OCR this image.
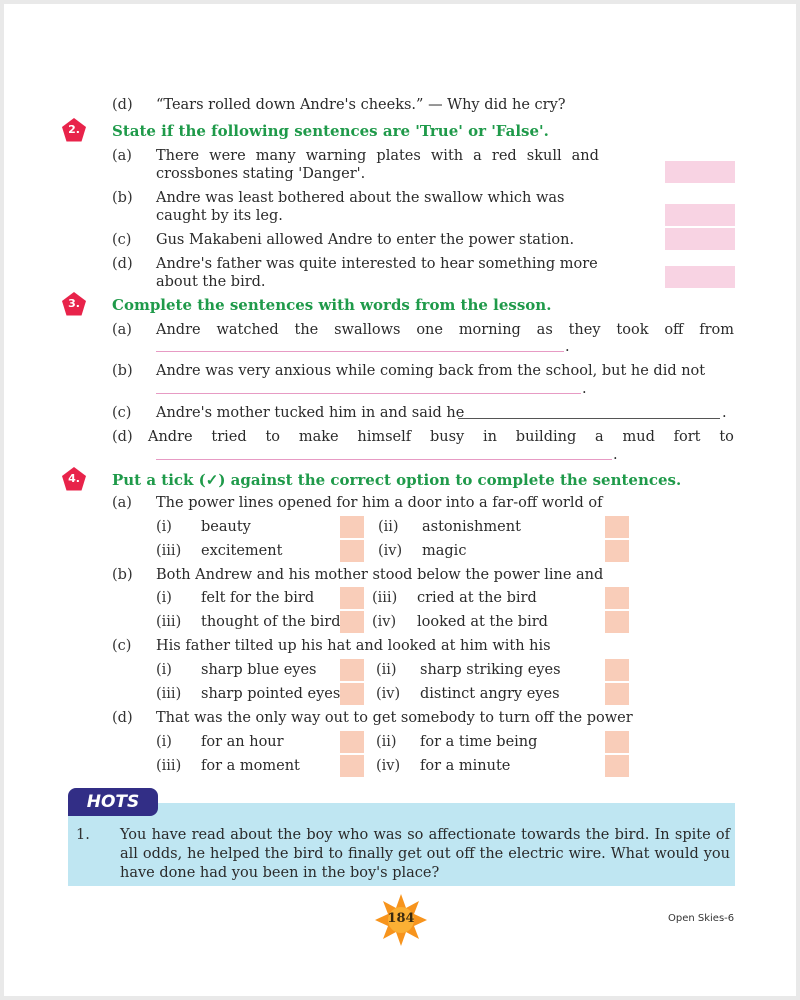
(d) “Tears rolled down Andre's cheeks.” — Why did he cry?
2.	State if the following sentences are 'True' or 'False'.
(a) There were many warning plates with a red skull and
crossbones stating 'Danger'.
(b) Andre was least bothered about the swallow which was
caught by its leg.
(c) Gus Makabeni allowed Andre to enter the power station.
(d) Andre's father was quite interested to hear something more
about the bird.
3.	Complete the sentences with words from the lesson.
(a) Andre watched the swallows one morning as they took off from
.
(b) Andre was very anxious while coming back from the school, but he did not
.
(c) Andre's mother tucked him in and said he	.
(d) Andre tried to make himself busy in building a mud fort to
.
4.	Put a tick (✓) against the correct option to complete the sentences.
(a) The power lines opened for him a door into a far-off world of
(i) beauty	(ii) astonishment
(iii) excitement	(iv) magic
(b) Both Andrew and his mother stood below the power line and
(i) felt for the bird	(iii) cried at the bird
(iii) thought of the bird (iv) looked at the bird
(c) His father tilted up his hat and looked at him with his
(i) sharp blue eyes	(ii) sharp striking eyes
(iii) sharp pointed eyes (iv) distinct angry eyes
(d) That was the only way out to get somebody to turn off the power
(i) for an hour	(ii) for a time being
(iii) for a moment	(iv) for a minute
HOTS
1. You have read about the boy who was so affectionate towards the bird. In spite of all odds, he helped the bird to finally get out off the electric wire. What would you have done had you been in the boy's place?
184	Open Skies-6
